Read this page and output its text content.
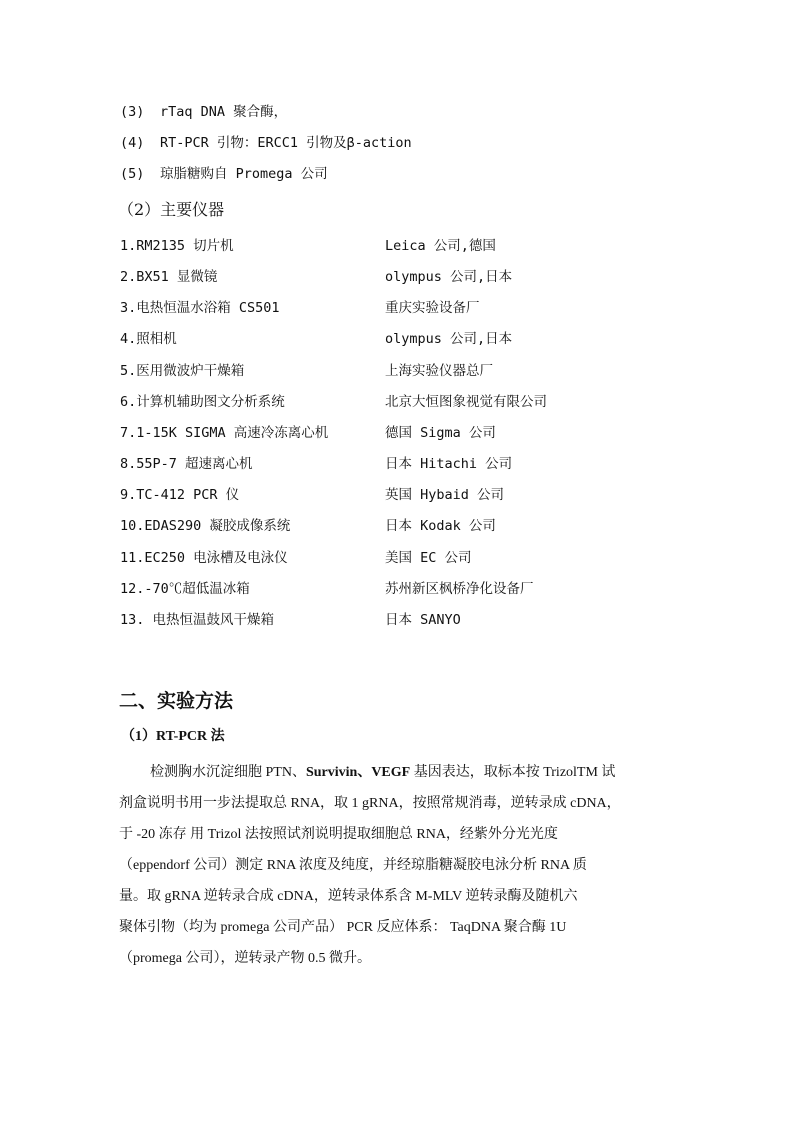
(3) rTaq DNA 聚合酶，
(4) RT-PCR 引物：ERCC1 引物及β-action
(5) 琼脂糖购自 Promega 公司
（2）主要仪器
1.RM2135 切片机	Leica 公司,德国
2.BX51 显微镜	olympus 公司,日本
3.电热恒温水浴箱 CS501	重庆实验设备厂
4.照相机	olympus 公司,日本
5.医用微波炉干燥箱	上海实验仪器总厂
6.计算机辅助图文分析系统	北京大恒图象视觉有限公司
7.1-15K SIGMA 高速冷冻离心机	德国 Sigma 公司
8.55P-7 超速离心机	日本 Hitachi 公司
9.TC-412 PCR 仪	英国 Hybaid 公司
10.EDAS290 凝胶成像系统	日本 Kodak 公司
11.EC250 电泳槽及电泳仪	美国 EC 公司
12.-70℃超低温冰箱	苏州新区枫桥净化设备厂
13. 电热恒温鼓风干燥箱	日本 SANYO
二、实验方法
（1）RT-PCR 法
检测胸水沉淀细胞 PTN、Survivin、VEGF 基因表达，取标本按 TrizolTM 试
剂盒说明书用一步法提取总 RNA，取 1 gRNA，按照常规消毒，逆转录成 cDNA，
于 -20 冻存 用 Trizol 法按照试剂说明提取细胞总 RNA，经紫外分光光度
（eppendorf 公司）测定 RNA 浓度及纯度，并经琼脂糖凝胶电泳分析 RNA 质
量。取 gRNA 逆转录合成 cDNA，逆转录体系含 M-MLV 逆转录酶及随机六
聚体引物（均为 promega 公司产品） PCR 反应体系： TaqDNA 聚合酶 1U
（promega 公司），逆转录产物 0.5 微升。
